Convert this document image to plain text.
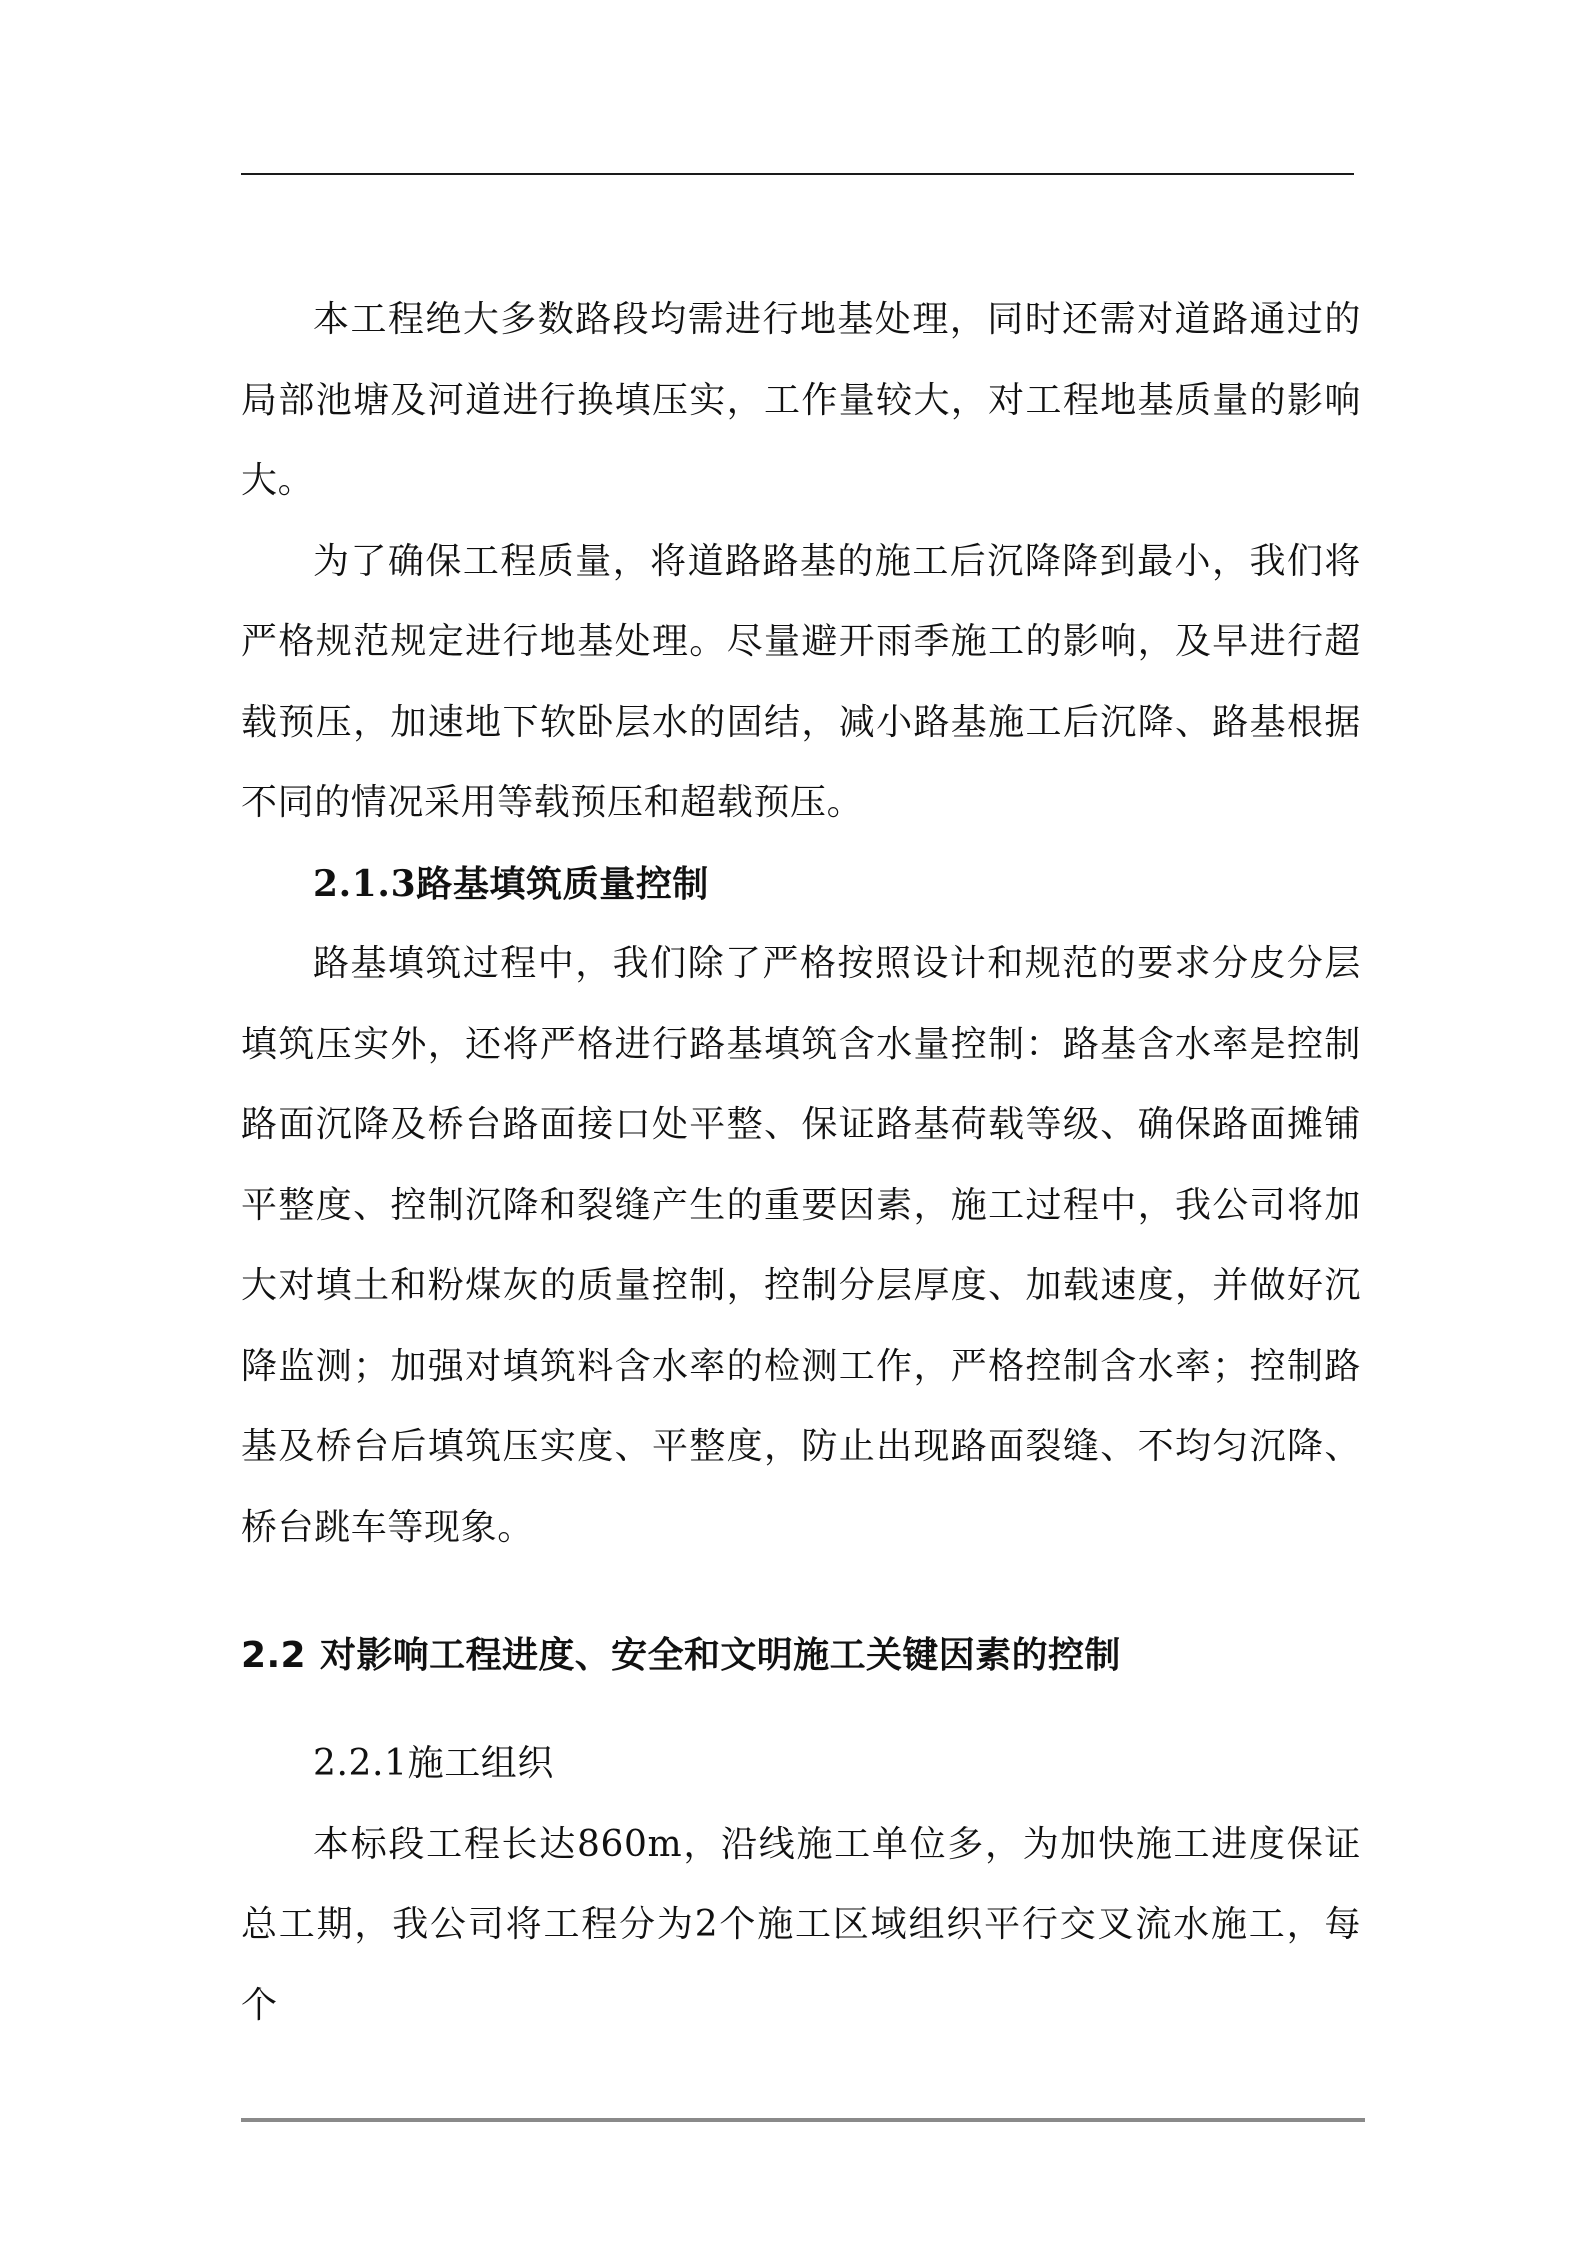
本工程绝大多数路段均需进行地基处理，同时还需对道路通过的局部池塘及河道进行换填压实，工作量较大，对工程地基质量的影响大。

为了确保工程质量，将道路路基的施工后沉降降到最小，我们将严格规范规定进行地基处理。尽量避开雨季施工的影响，及早进行超载预压，加速地下软卧层水的固结，减小路基施工后沉降、路基根据不同的情况采用等载预压和超载预压。

2.1.3路基填筑质量控制

路基填筑过程中，我们除了严格按照设计和规范的要求分皮分层填筑压实外，还将严格进行路基填筑含水量控制：路基含水率是控制路面沉降及桥台路面接口处平整、保证路基荷载等级、确保路面摊铺平整度、控制沉降和裂缝产生的重要因素，施工过程中，我公司将加大对填土和粉煤灰的质量控制，控制分层厚度、加载速度，并做好沉降监测；加强对填筑料含水率的检测工作，严格控制含水率；控制路基及桥台后填筑压实度、平整度，防止出现路面裂缝、不均匀沉降、桥台跳车等现象。

2.2 对影响工程进度、安全和文明施工关键因素的控制

2.2.1施工组织

本标段工程长达860m，沿线施工单位多，为加快施工进度保证总工期，我公司将工程分为2个施工区域组织平行交叉流水施工，每个
